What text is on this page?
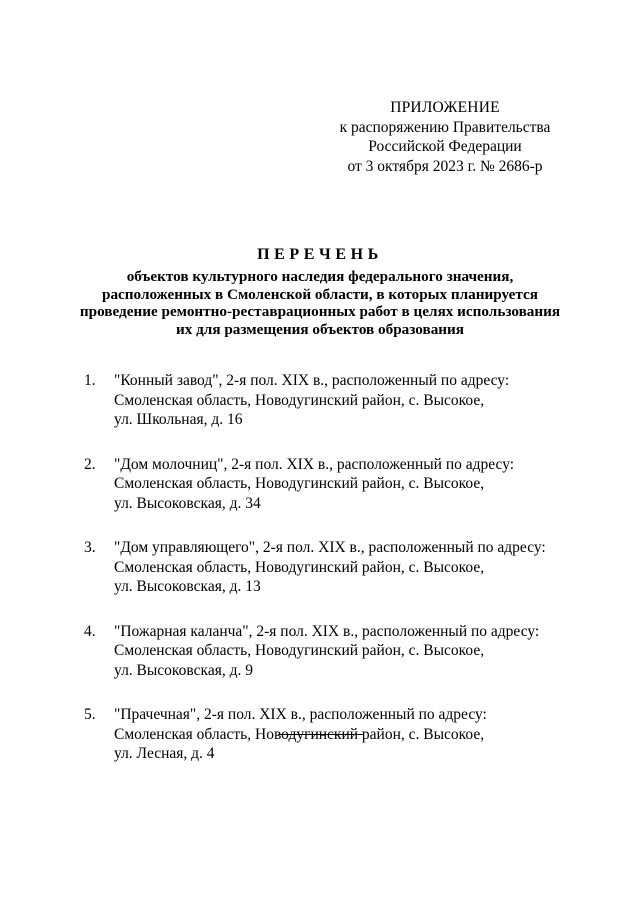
ПРИЛОЖЕНИЕ
к распоряжению Правительства
Российской Федерации
от 3 октября 2023 г. № 2686-р
ПЕРЕЧЕНЬ
объектов культурного наследия федерального значения,
расположенных в Смоленской области, в которых планируется
проведение ремонтно-реставрационных работ в целях использования
их для размещения объектов образования
1. "Конный завод", 2-я пол. XIX в., расположенный по адресу:
Смоленская область, Новодугинский район, с. Высокое,
ул. Школьная, д. 16
2. "Дом молочниц", 2-я пол. XIX в., расположенный по адресу:
Смоленская область, Новодугинский район, с. Высокое,
ул. Высоковская, д. 34
3. "Дом управляющего", 2-я пол. XIX в., расположенный по адресу:
Смоленская область, Новодугинский район, с. Высокое,
ул. Высоковская, д. 13
4. "Пожарная каланча", 2-я пол. XIX в., расположенный по адресу:
Смоленская область, Новодугинский район, с. Высокое,
ул. Высоковская, д. 9
5. "Прачечная", 2-я пол. XIX в., расположенный по адресу:
Смоленская область, Новодугинский район, с. Высокое,
ул. Лесная, д. 4
